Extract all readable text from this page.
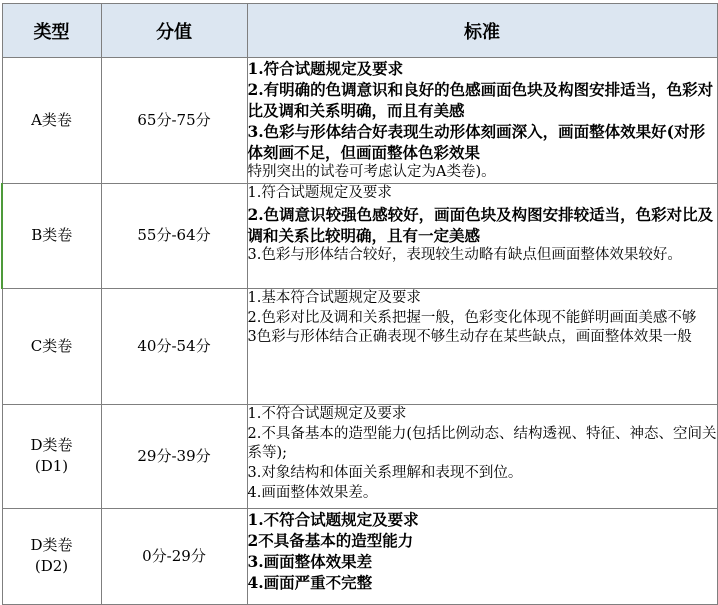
类型	分值	标准

A类卷	65分-75分	1.符合试题规定及要求
2.有明确的色调意识和良好的色感画面色块及构图安排适当，色彩对比及调和关系明确，而且有美感
3.色彩与形体结合好表现生动形体刻画深入，画面整体效果好(对形体刻画不足，但画面整体色彩效果
特别突出的试卷可考虑认定为A类卷)。

B类卷	55分-64分	1.符合试题规定及要求
2.色调意识较强色感较好，画面色块及构图安排较适当，色彩对比及调和关系比较明确，且有一定美感
3.色彩与形体结合较好，表现较生动略有缺点但画面整体效果较好。

C类卷	40分-54分	1.基本符合试题规定及要求
2.色彩对比及调和关系把握一般，色彩变化体现不能鲜明画面美感不够
3色彩与形体结合正确表现不够生动存在某些缺点，画面整体效果一般

D类卷
(D1)	29分-39分	1.不符合试题规定及要求
2.不具备基本的造型能力(包括比例动态、结构透视、特征、神态、空间关系等);
3.对象结构和体面关系理解和表现不到位。
4.画面整体效果差。

D类卷
(D2)	0分-29分	1.不符合试题规定及要求
2不具备基本的造型能力
3.画面整体效果差
4.画面严重不完整
